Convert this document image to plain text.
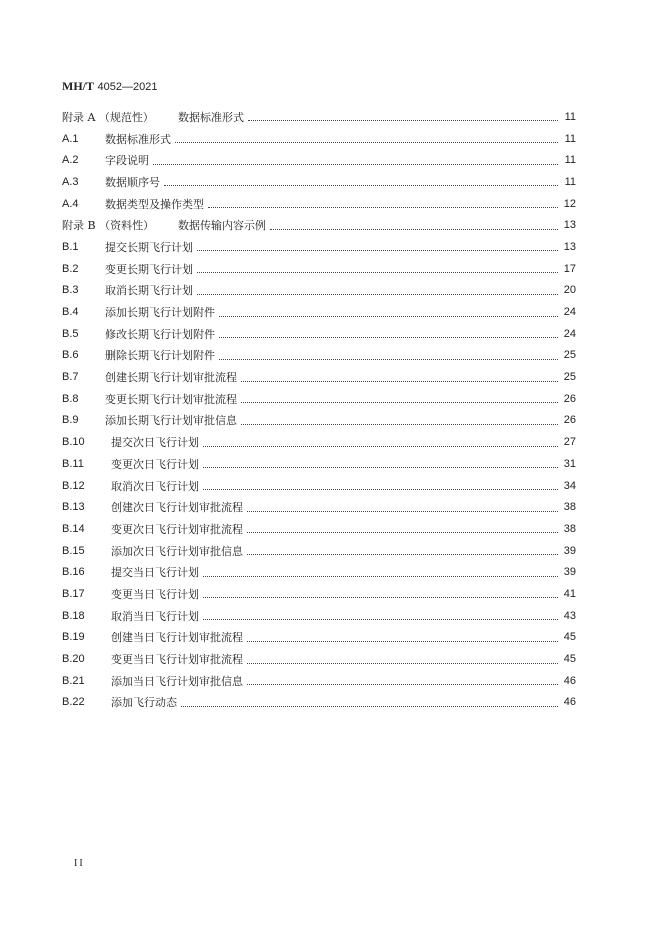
MH/T 4052—2021
附录 A （规范性）	数据标准形式	11
A.1	数据标准形式	11
A.2	字段说明	11
A.3	数据顺序号	11
A.4	数据类型及操作类型	12
附录 B （资料性）	数据传输内容示例	13
B.1	提交长期飞行计划	13
B.2	变更长期飞行计划	17
B.3	取消长期飞行计划	20
B.4	添加长期飞行计划附件	24
B.5	修改长期飞行计划附件	24
B.6	删除长期飞行计划附件	25
B.7	创建长期飞行计划审批流程	25
B.8	变更长期飞行计划审批流程	26
B.9	添加长期飞行计划审批信息	26
B.10	提交次日飞行计划	27
B.11	变更次日飞行计划	31
B.12	取消次日飞行计划	34
B.13	创建次日飞行计划审批流程	38
B.14	变更次日飞行计划审批流程	38
B.15	添加次日飞行计划审批信息	39
B.16	提交当日飞行计划	39
B.17	变更当日飞行计划	41
B.18	取消当日飞行计划	43
B.19	创建当日飞行计划审批流程	45
B.20	变更当日飞行计划审批流程	45
B.21	添加当日飞行计划审批信息	46
B.22	添加飞行动态	46
II
